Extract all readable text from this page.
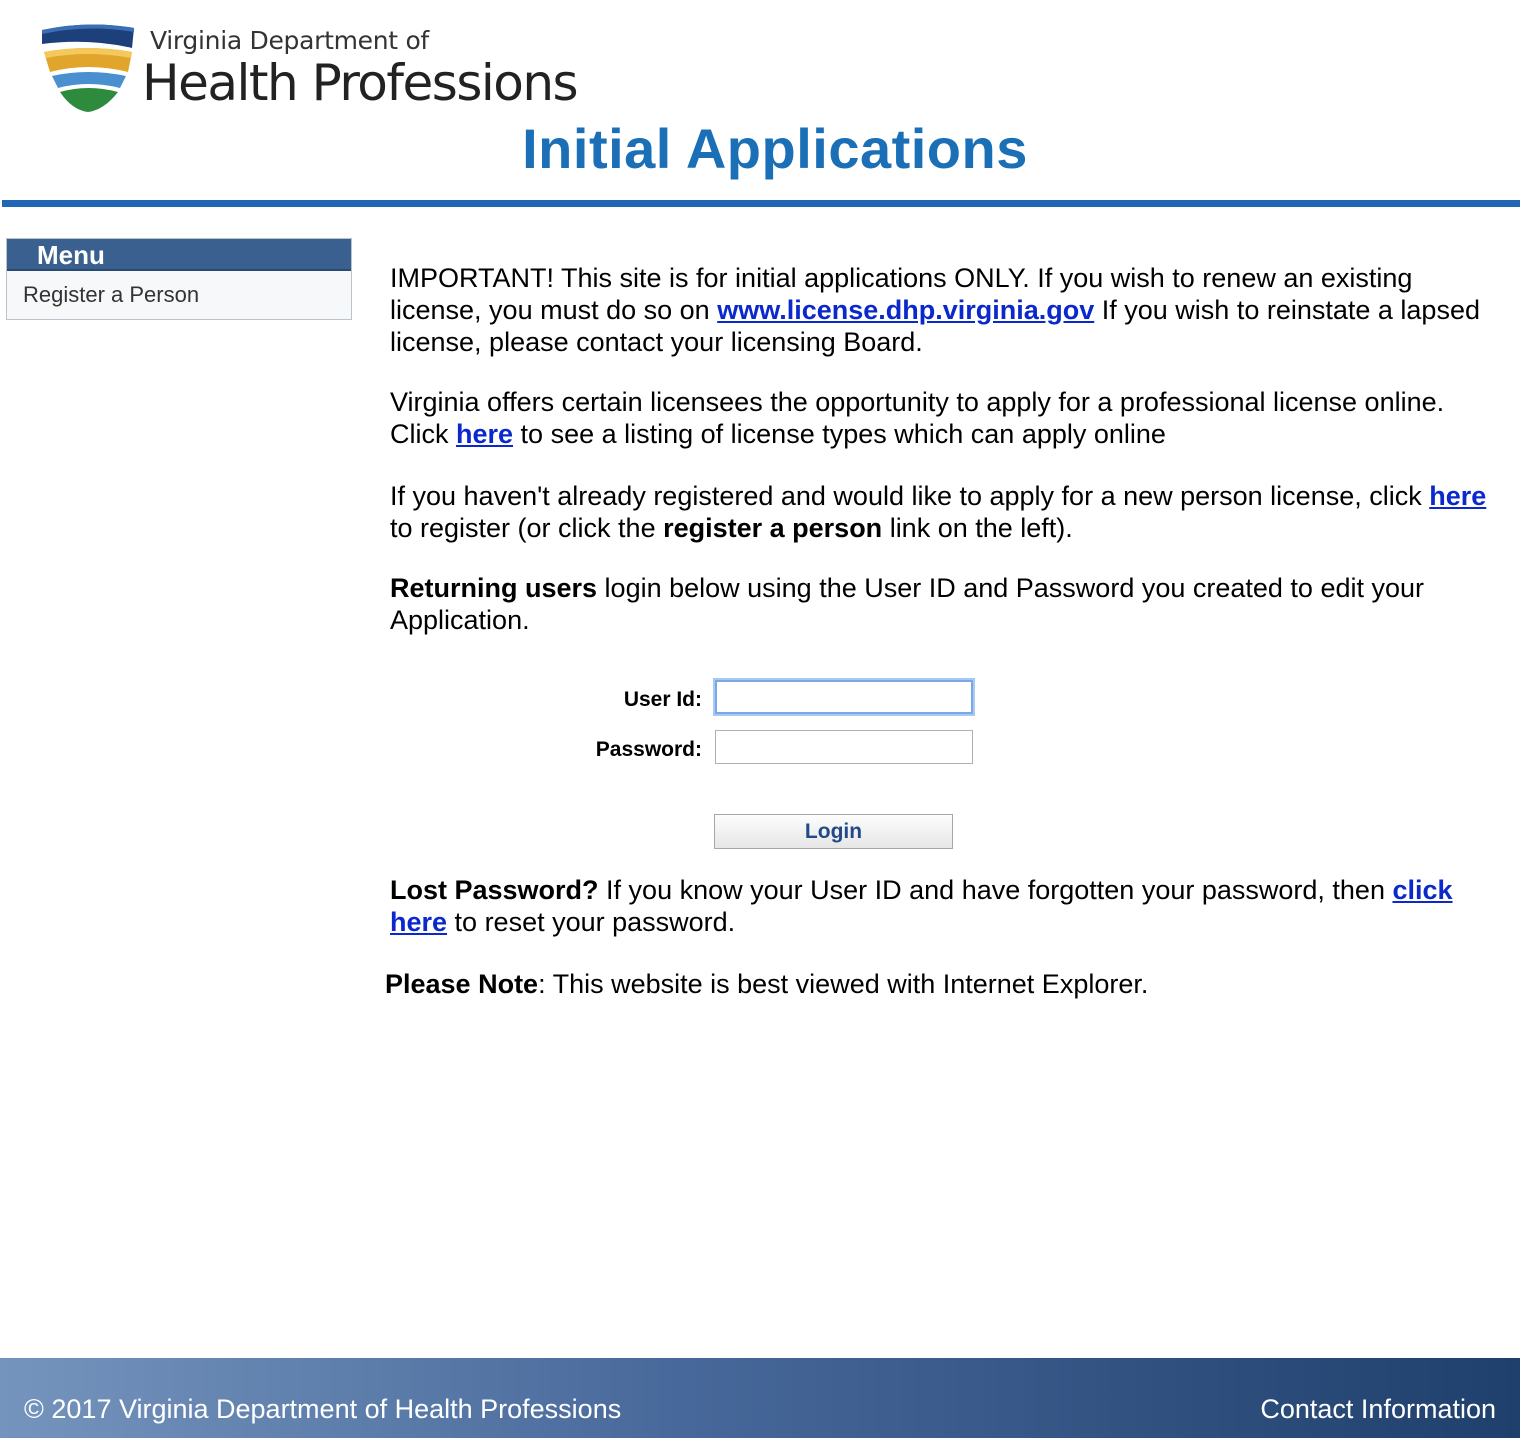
Virginia Department of
Health Professions
Initial Applications
Menu
Register a Person

IMPORTANT! This site is for initial applications ONLY. If you wish to renew an existing license, you must do so on www.license.dhp.virginia.gov If you wish to reinstate a lapsed license, please contact your licensing Board.

Virginia offers certain licensees the opportunity to apply for a professional license online. Click here to see a listing of license types which can apply online

If you haven't already registered and would like to apply for a new person license, click here to register (or click the register a person link on the left).

Returning users login below using the User ID and Password you created to edit your Application.

User Id:
Password:
Login

Lost Password? If you know your User ID and have forgotten your password, then click here to reset your password.

Please Note: This website is best viewed with Internet Explorer.

© 2017 Virginia Department of Health Professions	Contact Information
